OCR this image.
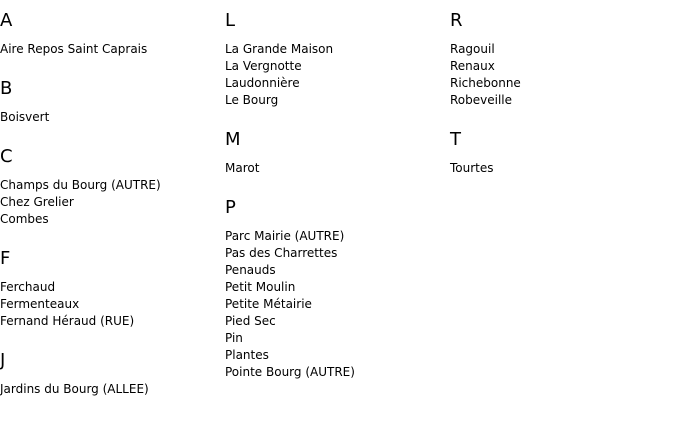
A
Aire Repos Saint Caprais
B
Boisvert
C
Champs du Bourg (AUTRE)
Chez Grelier
Combes
F
Ferchaud
Fermenteaux
Fernand Héraud (RUE)
J
Jardins du Bourg (ALLEE)
L
La Grande Maison
La Vergnotte
Laudonnière
Le Bourg
M
Marot
P
Parc Mairie (AUTRE)
Pas des Charrettes
Penauds
Petit Moulin
Petite Métairie
Pied Sec
Pin
Plantes
Pointe Bourg (AUTRE)
R
Ragouil
Renaux
Richebonne
Robeveille
T
Tourtes
